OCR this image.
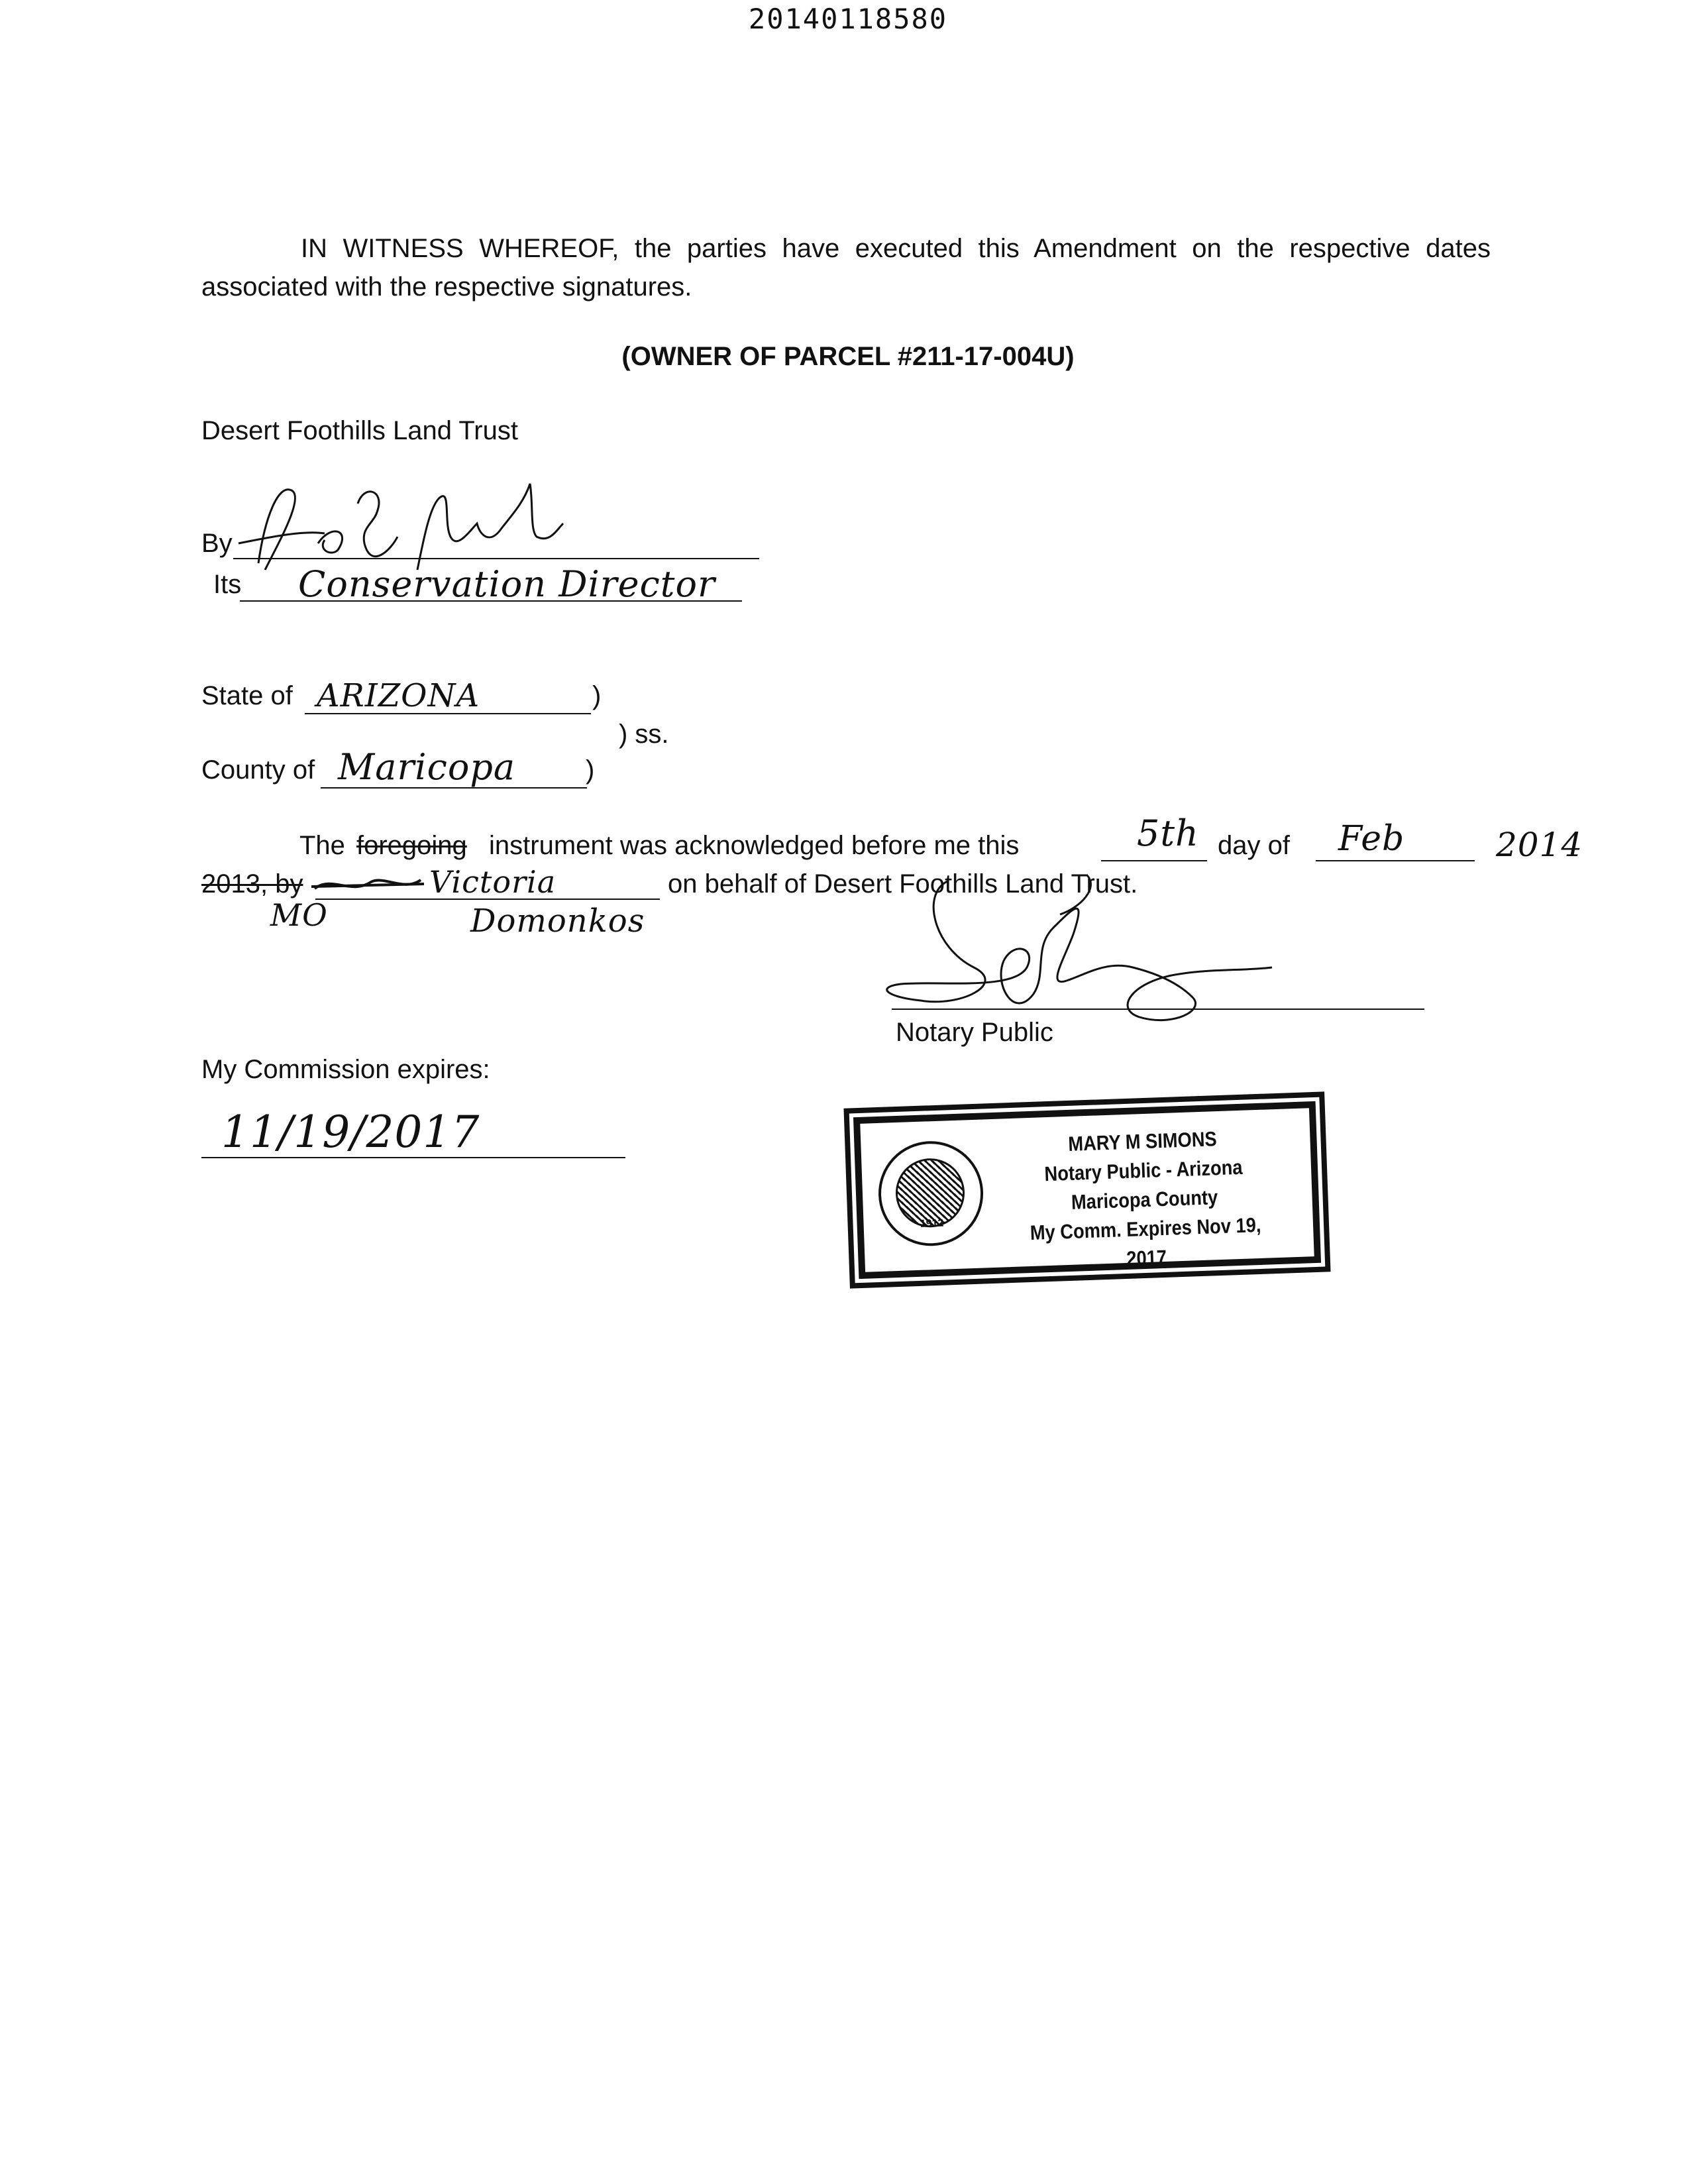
20140118580
IN WITNESS WHEREOF, the parties have executed this Amendment on the respective dates associated with the respective signatures.
(OWNER OF PARCEL #211-17-004U)
Desert Foothills Land Trust
By
Its Conservation Director
State of ARIZONA	)
) ss.
County of Maricopa	)
The foregoing instrument was acknowledged before me this	5th day of Feb	2014
2013, by	Victoria	on behalf of Desert Foothills Land Trust.
MO	Domonkos
Notary Public
My Commission expires:
11/19/2017
1912
MARY M SIMONS
Notary Public - Arizona
Maricopa County
My Comm. Expires Nov 19, 2017
